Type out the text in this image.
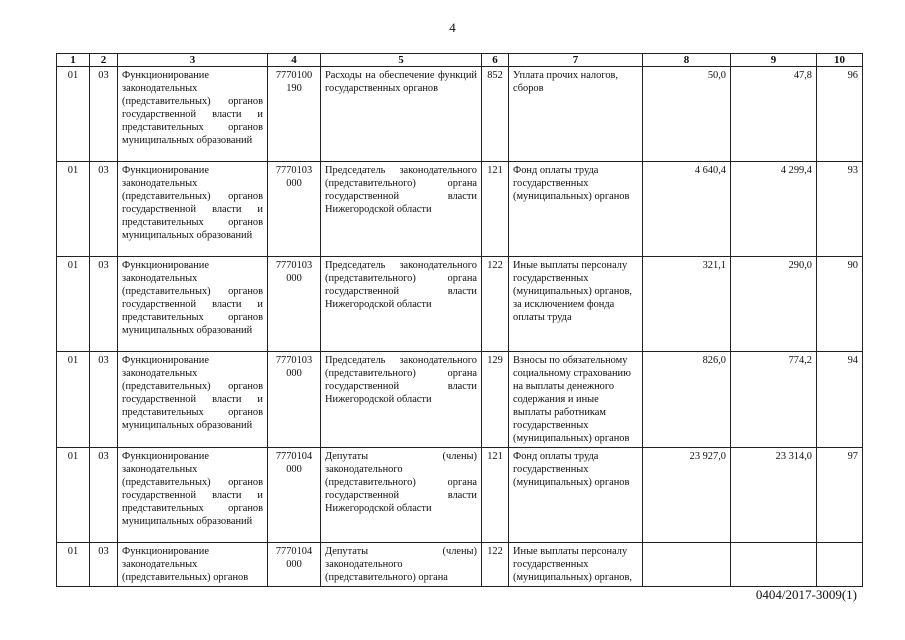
4
1	2	3	4	5	6	7	8	9	10
01	03	Функционирование законодательных (представительных) органов государственной власти и представительных органов муниципальных образований	7770100 190	Расходы на обеспечение функций государственных органов	852	Уплата прочих налогов, сборов	50,0	47,8	96
01	03	Функционирование законодательных (представительных) органов государственной власти и представительных органов муниципальных образований	7770103 000	Председатель законодательного (представительного) органа государственной власти Нижегородской области	121	Фонд оплаты труда государственных (муниципальных) органов	4 640,4	4 299,4	93
01	03	Функционирование законодательных (представительных) органов государственной власти и представительных органов муниципальных образований	7770103 000	Председатель законодательного (представительного) органа государственной власти Нижегородской области	122	Иные выплаты персоналу государственных (муниципальных) органов, за исключением фонда оплаты труда	321,1	290,0	90
01	03	Функционирование законодательных (представительных) органов государственной власти и представительных органов муниципальных образований	7770103 000	Председатель законодательного (представительного) органа государственной власти Нижегородской области	129	Взносы по обязательному социальному страхованию на выплаты денежного содержания и иные выплаты работникам государственных (муниципальных) органов	826,0	774,2	94
01	03	Функционирование законодательных (представительных) органов государственной власти и представительных органов муниципальных образований	7770104 000	Депутаты (члены) законодательного (представительного) органа государственной власти Нижегородской области	121	Фонд оплаты труда государственных (муниципальных) органов	23 927,0	23 314,0	97
01	03	Функционирование законодательных (представительных) органов	7770104 000	Депутаты (члены) законодательного (представительного) органа	122	Иные выплаты персоналу государственных (муниципальных) органов,			
0404/2017-3009(1)
